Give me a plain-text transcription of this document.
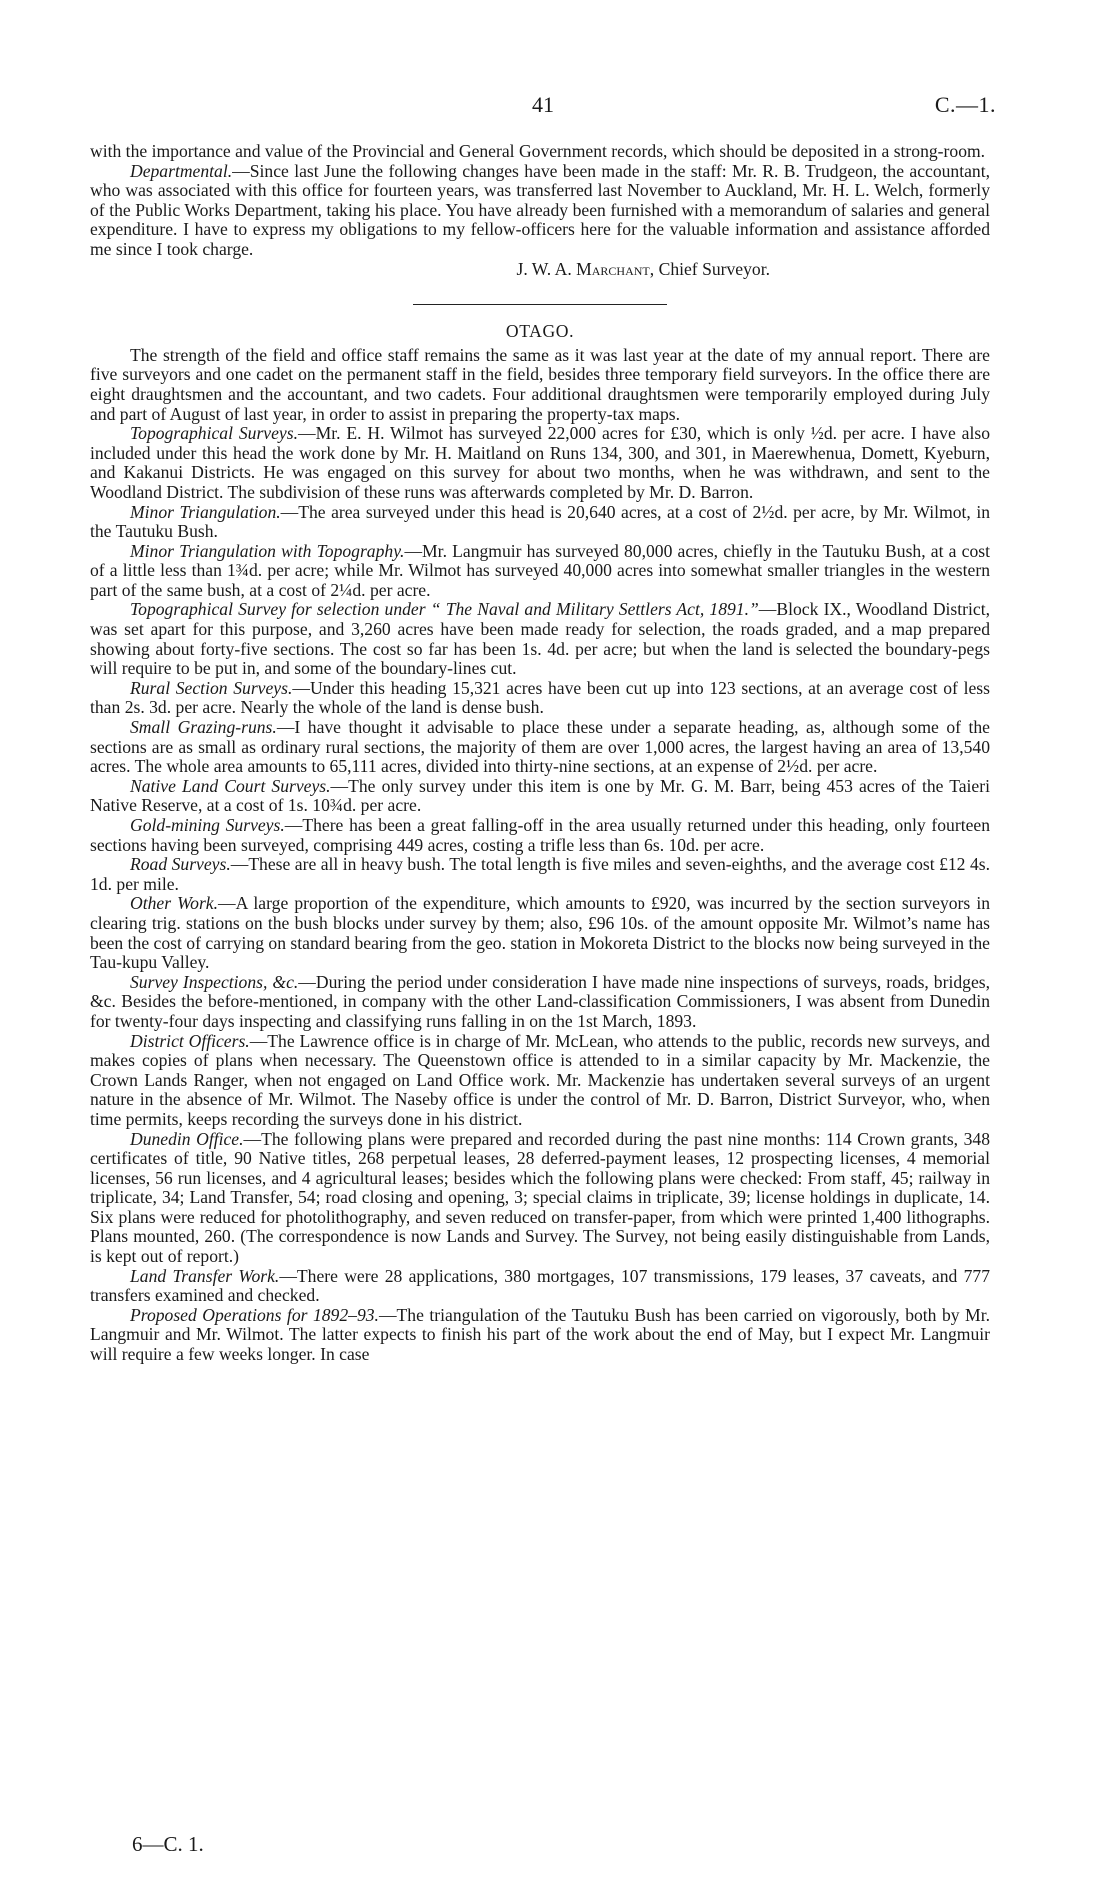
41	C.—1.

with the importance and value of the Provincial and General Government records, which should be deposited in a strong-room.

Departmental.—Since last June the following changes have been made in the staff: Mr. R. B. Trudgeon, the accountant, who was associated with this office for fourteen years, was transferred last November to Auckland, Mr. H. L. Welch, formerly of the Public Works Department, taking his place. You have already been furnished with a memorandum of salaries and general expenditure. I have to express my obligations to my fellow-officers here for the valuable information and assistance afforded me since I took charge.

J. W. A. Marchant, Chief Surveyor.
OTAGO.

The strength of the field and office staff remains the same as it was last year at the date of my annual report. There are five surveyors and one cadet on the permanent staff in the field, besides three temporary field surveyors. In the office there are eight draughtsmen and the accountant, and two cadets. Four additional draughtsmen were temporarily employed during July and part of August of last year, in order to assist in preparing the property-tax maps.

Topographical Surveys.—Mr. E. H. Wilmot has surveyed 22,000 acres for £30, which is only ½d. per acre. I have also included under this head the work done by Mr. H. Maitland on Runs 134, 300, and 301, in Maerewhenua, Domett, Kyeburn, and Kakanui Districts. He was engaged on this survey for about two months, when he was withdrawn, and sent to the Woodland District. The subdivision of these runs was afterwards completed by Mr. D. Barron.

Minor Triangulation.—The area surveyed under this head is 20,640 acres, at a cost of 2½d. per acre, by Mr. Wilmot, in the Tautuku Bush.

Minor Triangulation with Topography.—Mr. Langmuir has surveyed 80,000 acres, chiefly in the Tautuku Bush, at a cost of a little less than 1¾d. per acre; while Mr. Wilmot has surveyed 40,000 acres into somewhat smaller triangles in the western part of the same bush, at a cost of 2¼d. per acre.

Topographical Survey for selection under “ The Naval and Military Settlers Act, 1891.”—Block IX., Woodland District, was set apart for this purpose, and 3,260 acres have been made ready for selection, the roads graded, and a map prepared showing about forty-five sections. The cost so far has been 1s. 4d. per acre; but when the land is selected the boundary-pegs will require to be put in, and some of the boundary-lines cut.

Rural Section Surveys.—Under this heading 15,321 acres have been cut up into 123 sections, at an average cost of less than 2s. 3d. per acre. Nearly the whole of the land is dense bush.

Small Grazing-runs.—I have thought it advisable to place these under a separate heading, as, although some of the sections are as small as ordinary rural sections, the majority of them are over 1,000 acres, the largest having an area of 13,540 acres. The whole area amounts to 65,111 acres, divided into thirty-nine sections, at an expense of 2½d. per acre.

Native Land Court Surveys.—The only survey under this item is one by Mr. G. M. Barr, being 453 acres of the Taieri Native Reserve, at a cost of 1s. 10¾d. per acre.

Gold-mining Surveys.—There has been a great falling-off in the area usually returned under this heading, only fourteen sections having been surveyed, comprising 449 acres, costing a trifle less than 6s. 10d. per acre.

Road Surveys.—These are all in heavy bush. The total length is five miles and seven-eighths, and the average cost £12 4s. 1d. per mile.

Other Work.—A large proportion of the expenditure, which amounts to £920, was incurred by the section surveyors in clearing trig. stations on the bush blocks under survey by them; also, £96 10s. of the amount opposite Mr. Wilmot’s name has been the cost of carrying on standard bearing from the geo. station in Mokoreta District to the blocks now being surveyed in the Tau-kupu Valley.

Survey Inspections, &c.—During the period under consideration I have made nine inspections of surveys, roads, bridges, &c. Besides the before-mentioned, in company with the other Land-classification Commissioners, I was absent from Dunedin for twenty-four days inspecting and classifying runs falling in on the 1st March, 1893.

District Officers.—The Lawrence office is in charge of Mr. McLean, who attends to the public, records new surveys, and makes copies of plans when necessary. The Queenstown office is attended to in a similar capacity by Mr. Mackenzie, the Crown Lands Ranger, when not engaged on Land Office work. Mr. Mackenzie has undertaken several surveys of an urgent nature in the absence of Mr. Wilmot. The Naseby office is under the control of Mr. D. Barron, District Surveyor, who, when time permits, keeps recording the surveys done in his district.

Dunedin Office.—The following plans were prepared and recorded during the past nine months: 114 Crown grants, 348 certificates of title, 90 Native titles, 268 perpetual leases, 28 deferred-payment leases, 12 prospecting licenses, 4 memorial licenses, 56 run licenses, and 4 agricultural leases; besides which the following plans were checked: From staff, 45; railway in triplicate, 34; Land Transfer, 54; road closing and opening, 3; special claims in triplicate, 39; license holdings in duplicate, 14. Six plans were reduced for photolithography, and seven reduced on transfer-paper, from which were printed 1,400 lithographs. Plans mounted, 260. (The correspondence is now Lands and Survey. The Survey, not being easily distinguishable from Lands, is kept out of report.)

Land Transfer Work.—There were 28 applications, 380 mortgages, 107 transmissions, 179 leases, 37 caveats, and 777 transfers examined and checked.

Proposed Operations for 1892–93.—The triangulation of the Tautuku Bush has been carried on vigorously, both by Mr. Langmuir and Mr. Wilmot. The latter expects to finish his part of the work about the end of May, but I expect Mr. Langmuir will require a few weeks longer. In case

6—C. 1.
